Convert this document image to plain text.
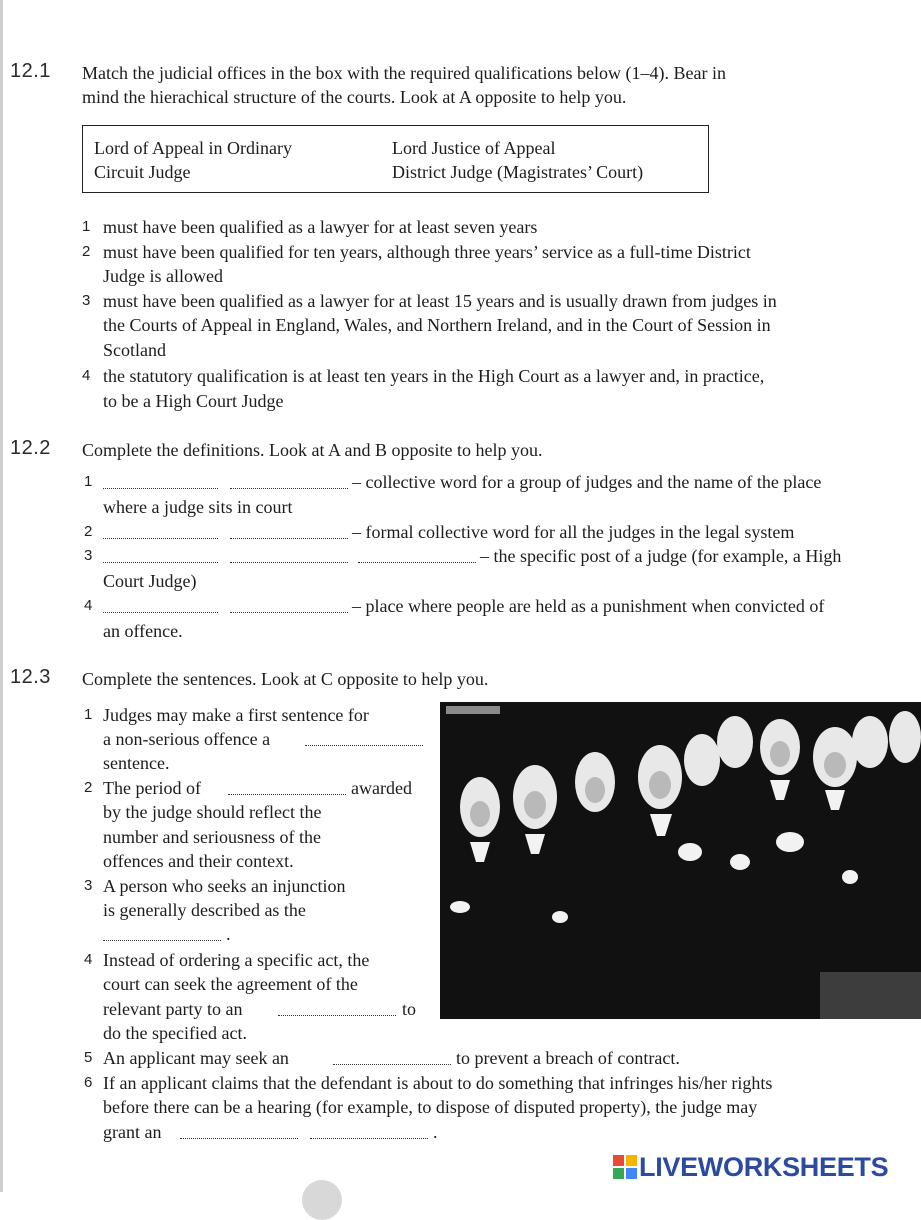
12.1 Match the judicial offices in the box with the required qualifications below (1–4). Bear in
mind the hierachical structure of the courts. Look at A opposite to help you.
Lord of Appeal in Ordinary	Lord Justice of Appeal
Circuit Judge	District Judge (Magistrates’ Court)
1 must have been qualified as a lawyer for at least seven years
2 must have been qualified for ten years, although three years’ service as a full-time District
Judge is allowed
3 must have been qualified as a lawyer for at least 15 years and is usually drawn from judges in
the Courts of Appeal in England, Wales, and Northern Ireland, and in the Court of Session in
Scotland
4 the statutory qualification is at least ten years in the High Court as a lawyer and, in practice,
to be a High Court Judge
12.2 Complete the definitions. Look at A and B opposite to help you.
1	– collective word for a group of judges and the name of the place
where a judge sits in court
2	– formal collective word for all the judges in the legal system
3	– the specific post of a judge (for example, a High
Court Judge)
4	– place where people are held as a punishment when convicted of
an offence.
12.3 Complete the sentences. Look at C opposite to help you.
1 Judges may make a first sentence for
a non-serious offence a
sentence.
2 The period of	awarded
by the judge should reflect the
number and seriousness of the
offences and their context.
3 A person who seeks an injunction
is generally described as the
.
4 Instead of ordering a specific act, the
court can seek the agreement of the
relevant party to an	to
do the specified act.
5 An applicant may seek an	to prevent a breach of contract.
6 If an applicant claims that the defendant is about to do something that infringes his/her rights
before there can be a hearing (for example, to dispose of disputed property), the judge may
grant an	.
LIVEWORKSHEETS
